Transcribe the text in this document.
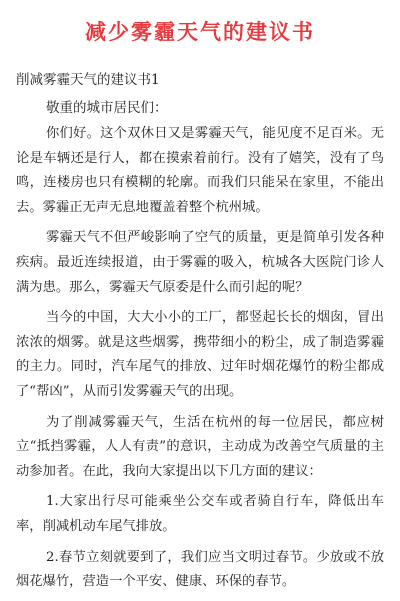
减少雾霾天气的建议书
削减雾霾天气的建议书1
敬重的城市居民们：

你们好。这个双休日又是雾霾天气，能见度不足百米。无论是车辆还是行人，都在摸索着前行。没有了嬉笑，没有了鸟鸣，连楼房也只有模糊的轮廓。而我们只能呆在家里，不能出去。雾霾正无声无息地覆盖着整个杭州城。

雾霾天气不但严峻影响了空气的质量，更是简单引发各种疾病。最近连续报道，由于雾霾的吸入，杭城各大医院门诊人满为患。那么，雾霾天气原委是什么而引起的呢？

当今的中国，大大小小的工厂，都竖起长长的烟囱，冒出浓浓的烟雾。就是这些烟雾，携带细小的粉尘，成了制造雾霾的主力。同时，汽车尾气的排放、过年时烟花爆竹的粉尘都成了“帮凶”，从而引发雾霾天气的出现。

为了削减雾霾天气，生活在杭州的每一位居民，都应树立“抵挡雾霾，人人有责”的意识，主动成为改善空气质量的主动参加者。在此，我向大家提出以下几方面的建议：

1.大家出行尽可能乘坐公交车或者骑自行车，降低出车率，削减机动车尾气排放。

2.春节立刻就要到了，我们应当文明过春节。少放或不放烟花爆竹，营造一个平安、健康、环保的春节。
